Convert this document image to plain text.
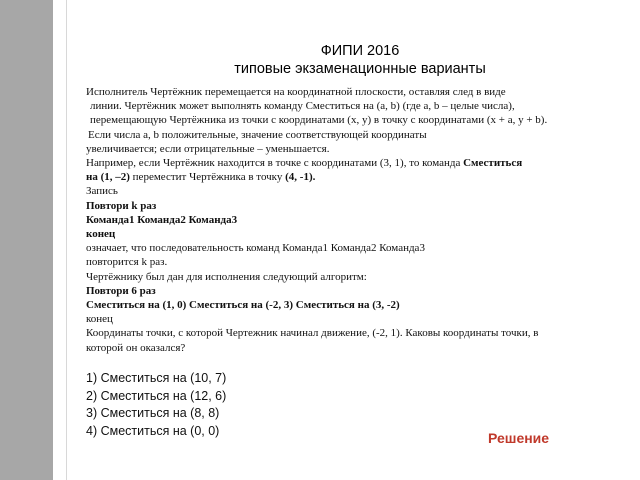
ФИПИ 2016
типовые экзаменационные варианты

Исполнитель Чертёжник перемещается на координатной плоскости, оставляя след в виде

линии. Чертёжник может выполнять команду Сместиться на (a, b) (где a, b – целые числа),

перемещающую Чертёжника из точки с координатами (x, y) в точку с координатами (x + a, y + b).

Если числа a, b положительные, значение соответствующей координаты

увеличивается; если отрицательные – уменьшается.

Например, если Чертёжник находится в точке с координатами (3, 1), то команда Сместиться

на (1, –2) переместит Чертёжника в точку (4, -1).

Запись

Повтори k раз

Команда1 Команда2 Команда3

конец

означает, что последовательность команд Команда1 Команда2 Команда3

повторится k раз.

Чертёжнику был дан для исполнения следующий алгоритм:

Повтори 6 раз

Сместиться на (1, 0) Сместиться на (-2, 3) Сместиться на (3, -2)

конец

Координаты точки, с которой Чертежник начинал движение, (-2, 1). Каковы координаты точки, в

которой он оказался?

1) Сместиться на (10, 7)

2) Сместиться на (12, 6)

3) Сместиться на (8, 8)

4) Сместиться на (0, 0)	Решение
